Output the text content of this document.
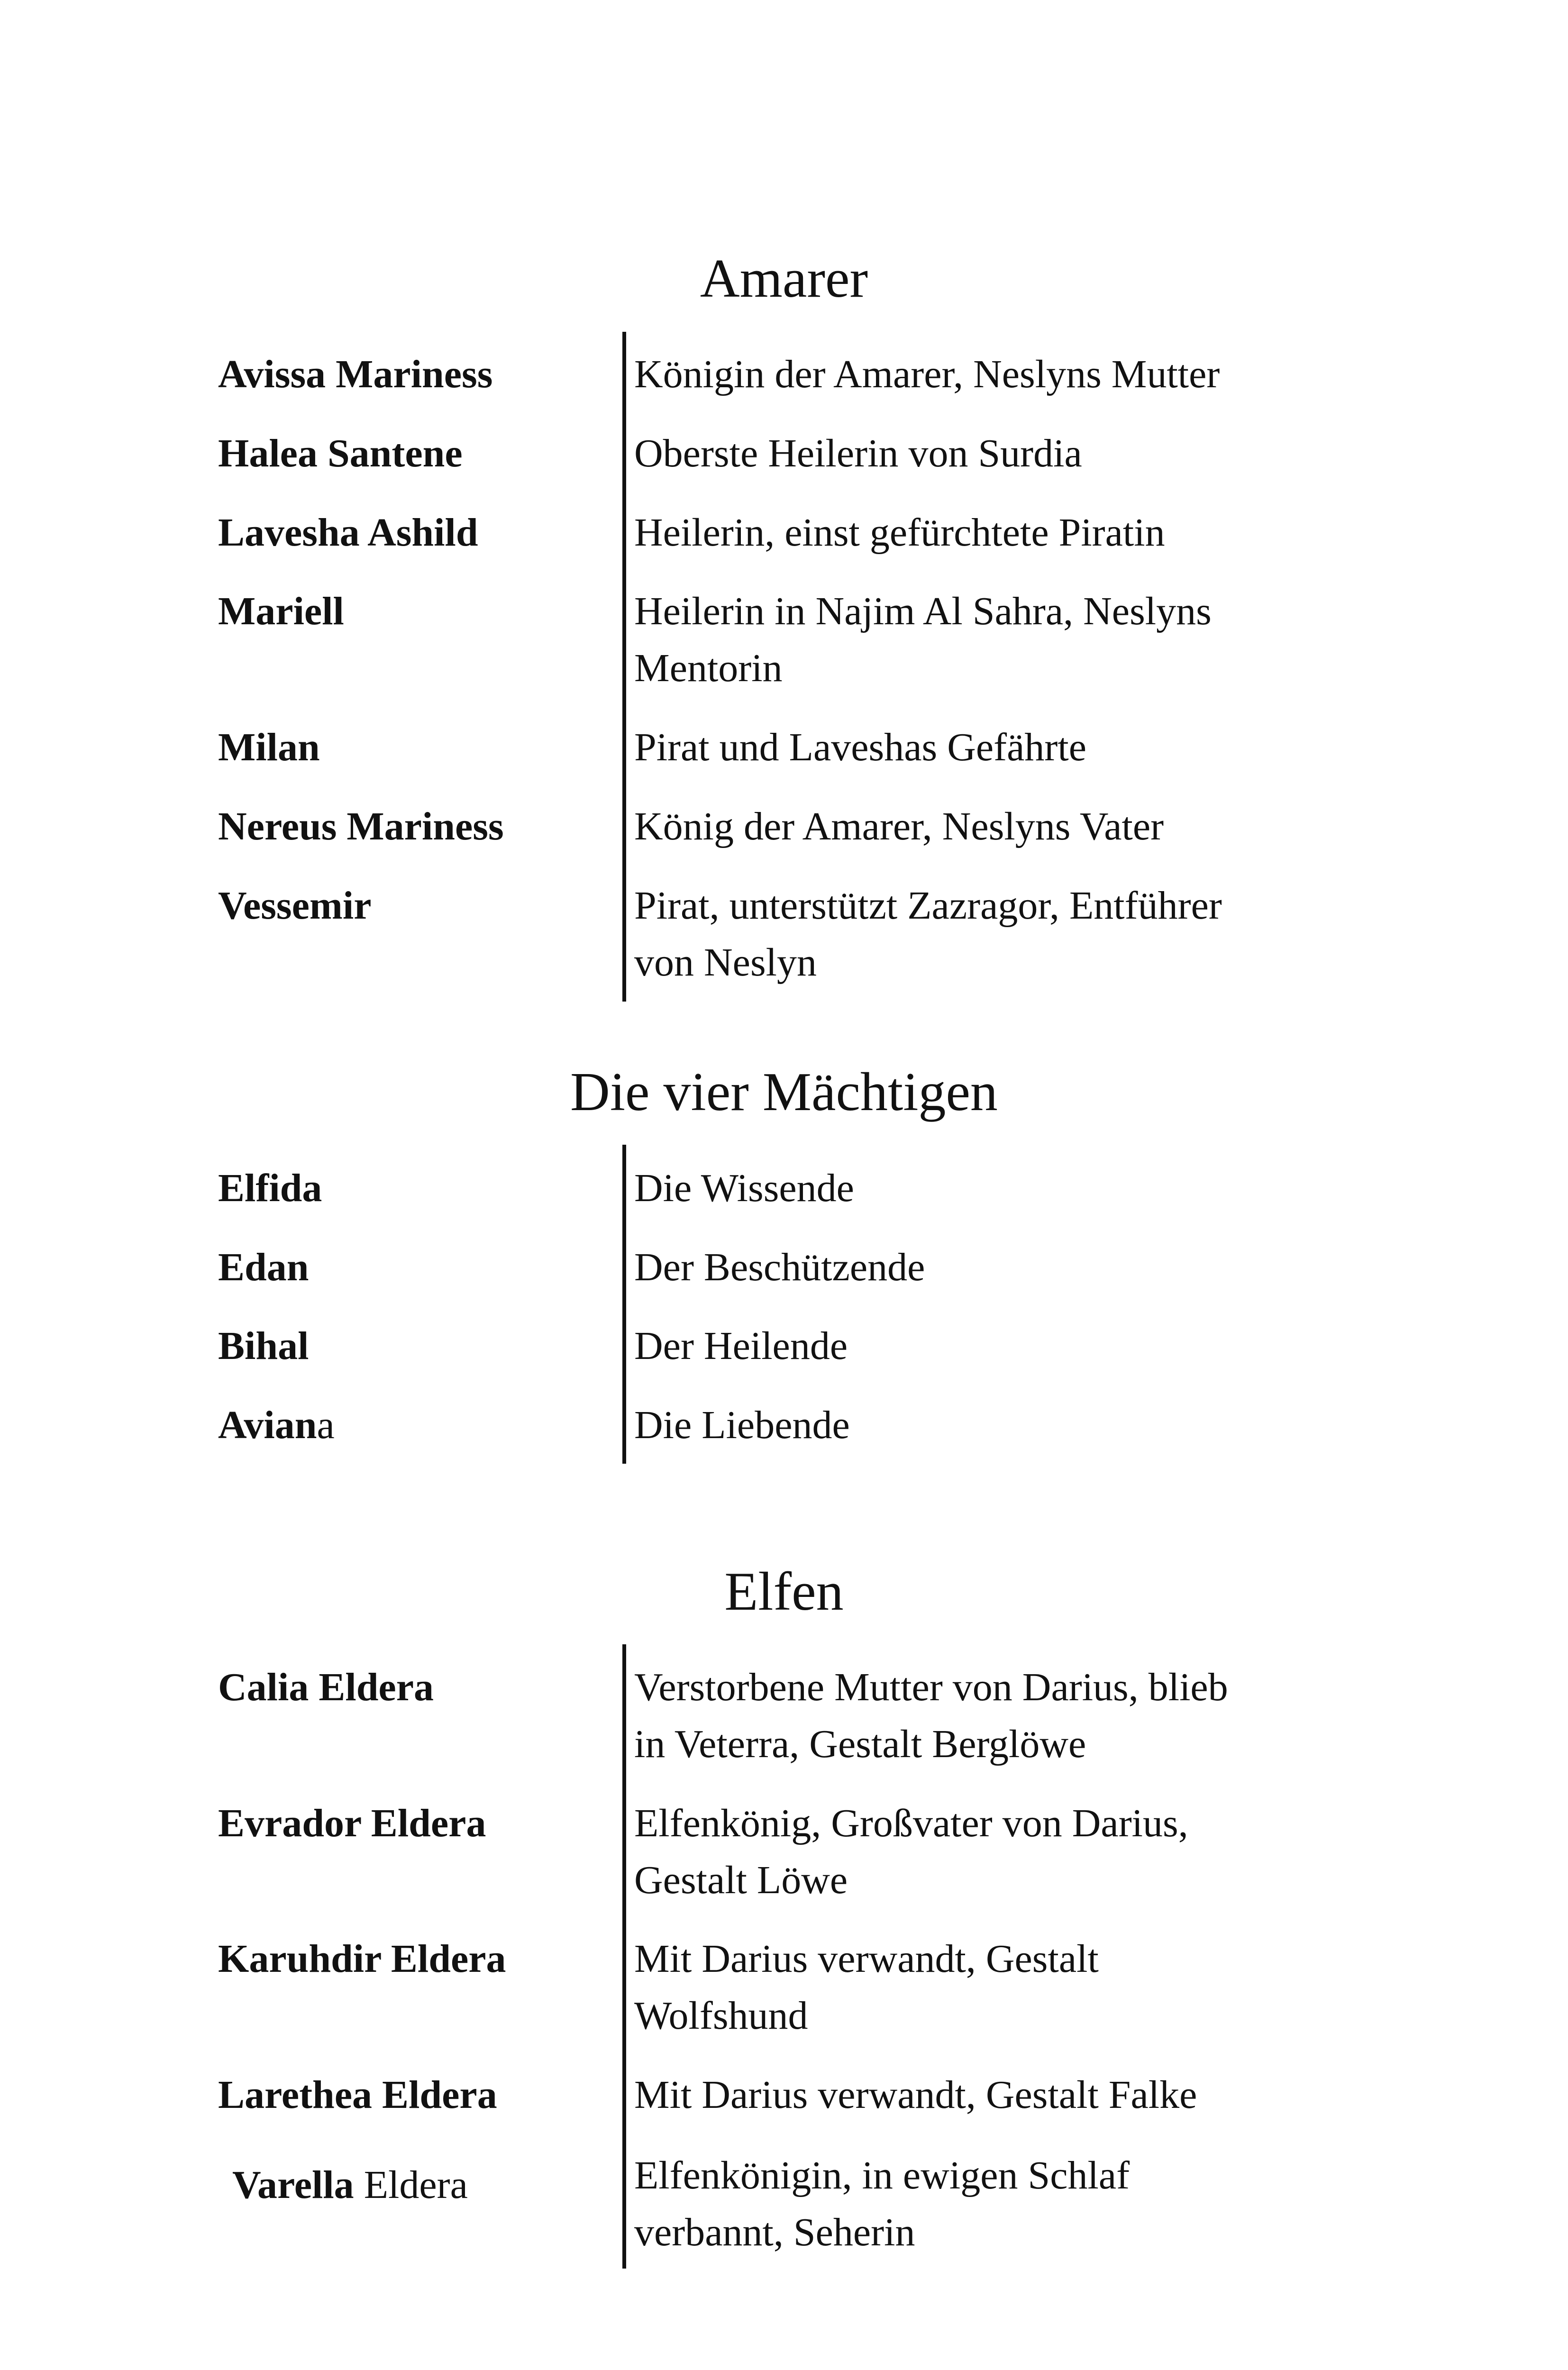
Amarer
Avissa Mariness	Königin der Amarer, Neslyns Mutter
Halea Santene	Oberste Heilerin von Surdia
Lavesha Ashild	Heilerin, einst gefürchtete Piratin
Mariell	Heilerin in Najim Al Sahra, Neslyns
Mentorin
Milan	Pirat und Laveshas Gefährte
Nereus Mariness	König der Amarer, Neslyns Vater
Vessemir	Pirat, unterstützt Zazragor, Entführer
von Neslyn
Die vier Mächtigen
Elfida	Die Wissende
Edan	Der Beschützende
Bihal	Der Heilende
Aviana	Die Liebende
Elfen
Calia Eldera	Verstorbene Mutter von Darius, blieb
in Veterra, Gestalt Berglöwe
Evrador Eldera	Elfenkönig, Großvater von Darius,
Gestalt Löwe
Karuhdir Eldera	Mit Darius verwandt, Gestalt
Wolfshund
Larethea Eldera	Mit Darius verwandt, Gestalt Falke
Varella Eldera	Elfenkönigin, in ewigen Schlaf
verbannt, Seherin
